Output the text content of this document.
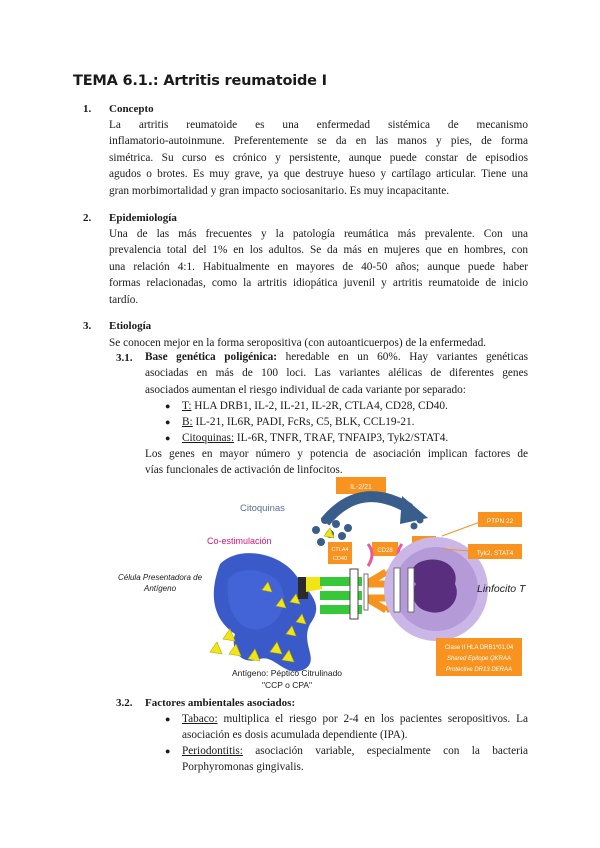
TEMA 6.1.: Artritis reumatoide I
1. Concepto
La artritis reumatoide es una enfermedad sistémica de mecanismo
inflamatorio-autoinmune. Preferentemente se da en las manos y pies, de forma
simétrica. Su curso es crónico y persistente, aunque puede constar de episodios
agudos o brotes. Es muy grave, ya que destruye hueso y cartílago articular. Tiene una
gran morbimortalidad y gran impacto sociosanitario. Es muy incapacitante.
2. Epidemiología
Una de las más frecuentes y la patología reumática más prevalente. Con una
prevalencia total del 1% en los adultos. Se da más en mujeres que en hombres, con
una relación 4:1. Habitualmente en mayores de 40-50 años; aunque puede haber
formas relacionadas, como la artritis idiopática juvenil y artritis reumatoide de inicio
tardío.
3. Etiología
Se conocen mejor en la forma seropositiva (con autoanticuerpos) de la enfermedad.
3.1. Base genética poligénica: heredable en un 60%. Hay variantes genéticas
asociadas en más de 100 loci. Las variantes alélicas de diferentes genes
asociados aumentan el riesgo individual de cada variante por separado:
● T: HLA DRB1, IL-2, IL-21, IL-2R, CTLA4, CD28, CD40.
● B: IL-21, IL6R, PADI, FcRs, C5, BLK, CCL19-21.
● Citoquinas: IL-6R, TNFR, TRAF, TNFAIP3, Tyk2/STAT4.
Los genes en mayor número y potencia de asociación implican factores de
vías funcionales de activación de linfocitos.
IL-2/21
Citoquinas
Co-estimulación
CTLA4
CD40
CD28
PTPN 22
Tyk2, STAT4
Linfocito T
Célula Presentadora de
Antígeno
Clase II HLA DRB1*01,04
Shared Epitope QKRAA
Protective DR13 DERAA
Antígeno: Péptico Citrulinado
"CCP o CPA"
3.2. Factores ambientales asociados:
● Tabaco: multiplica el riesgo por 2-4 en los pacientes seropositivos. La
asociación es dosis acumulada dependiente (IPA).
● Periodontitis: asociación variable, especialmente con la bacteria
Porphyromonas gingivalis.
